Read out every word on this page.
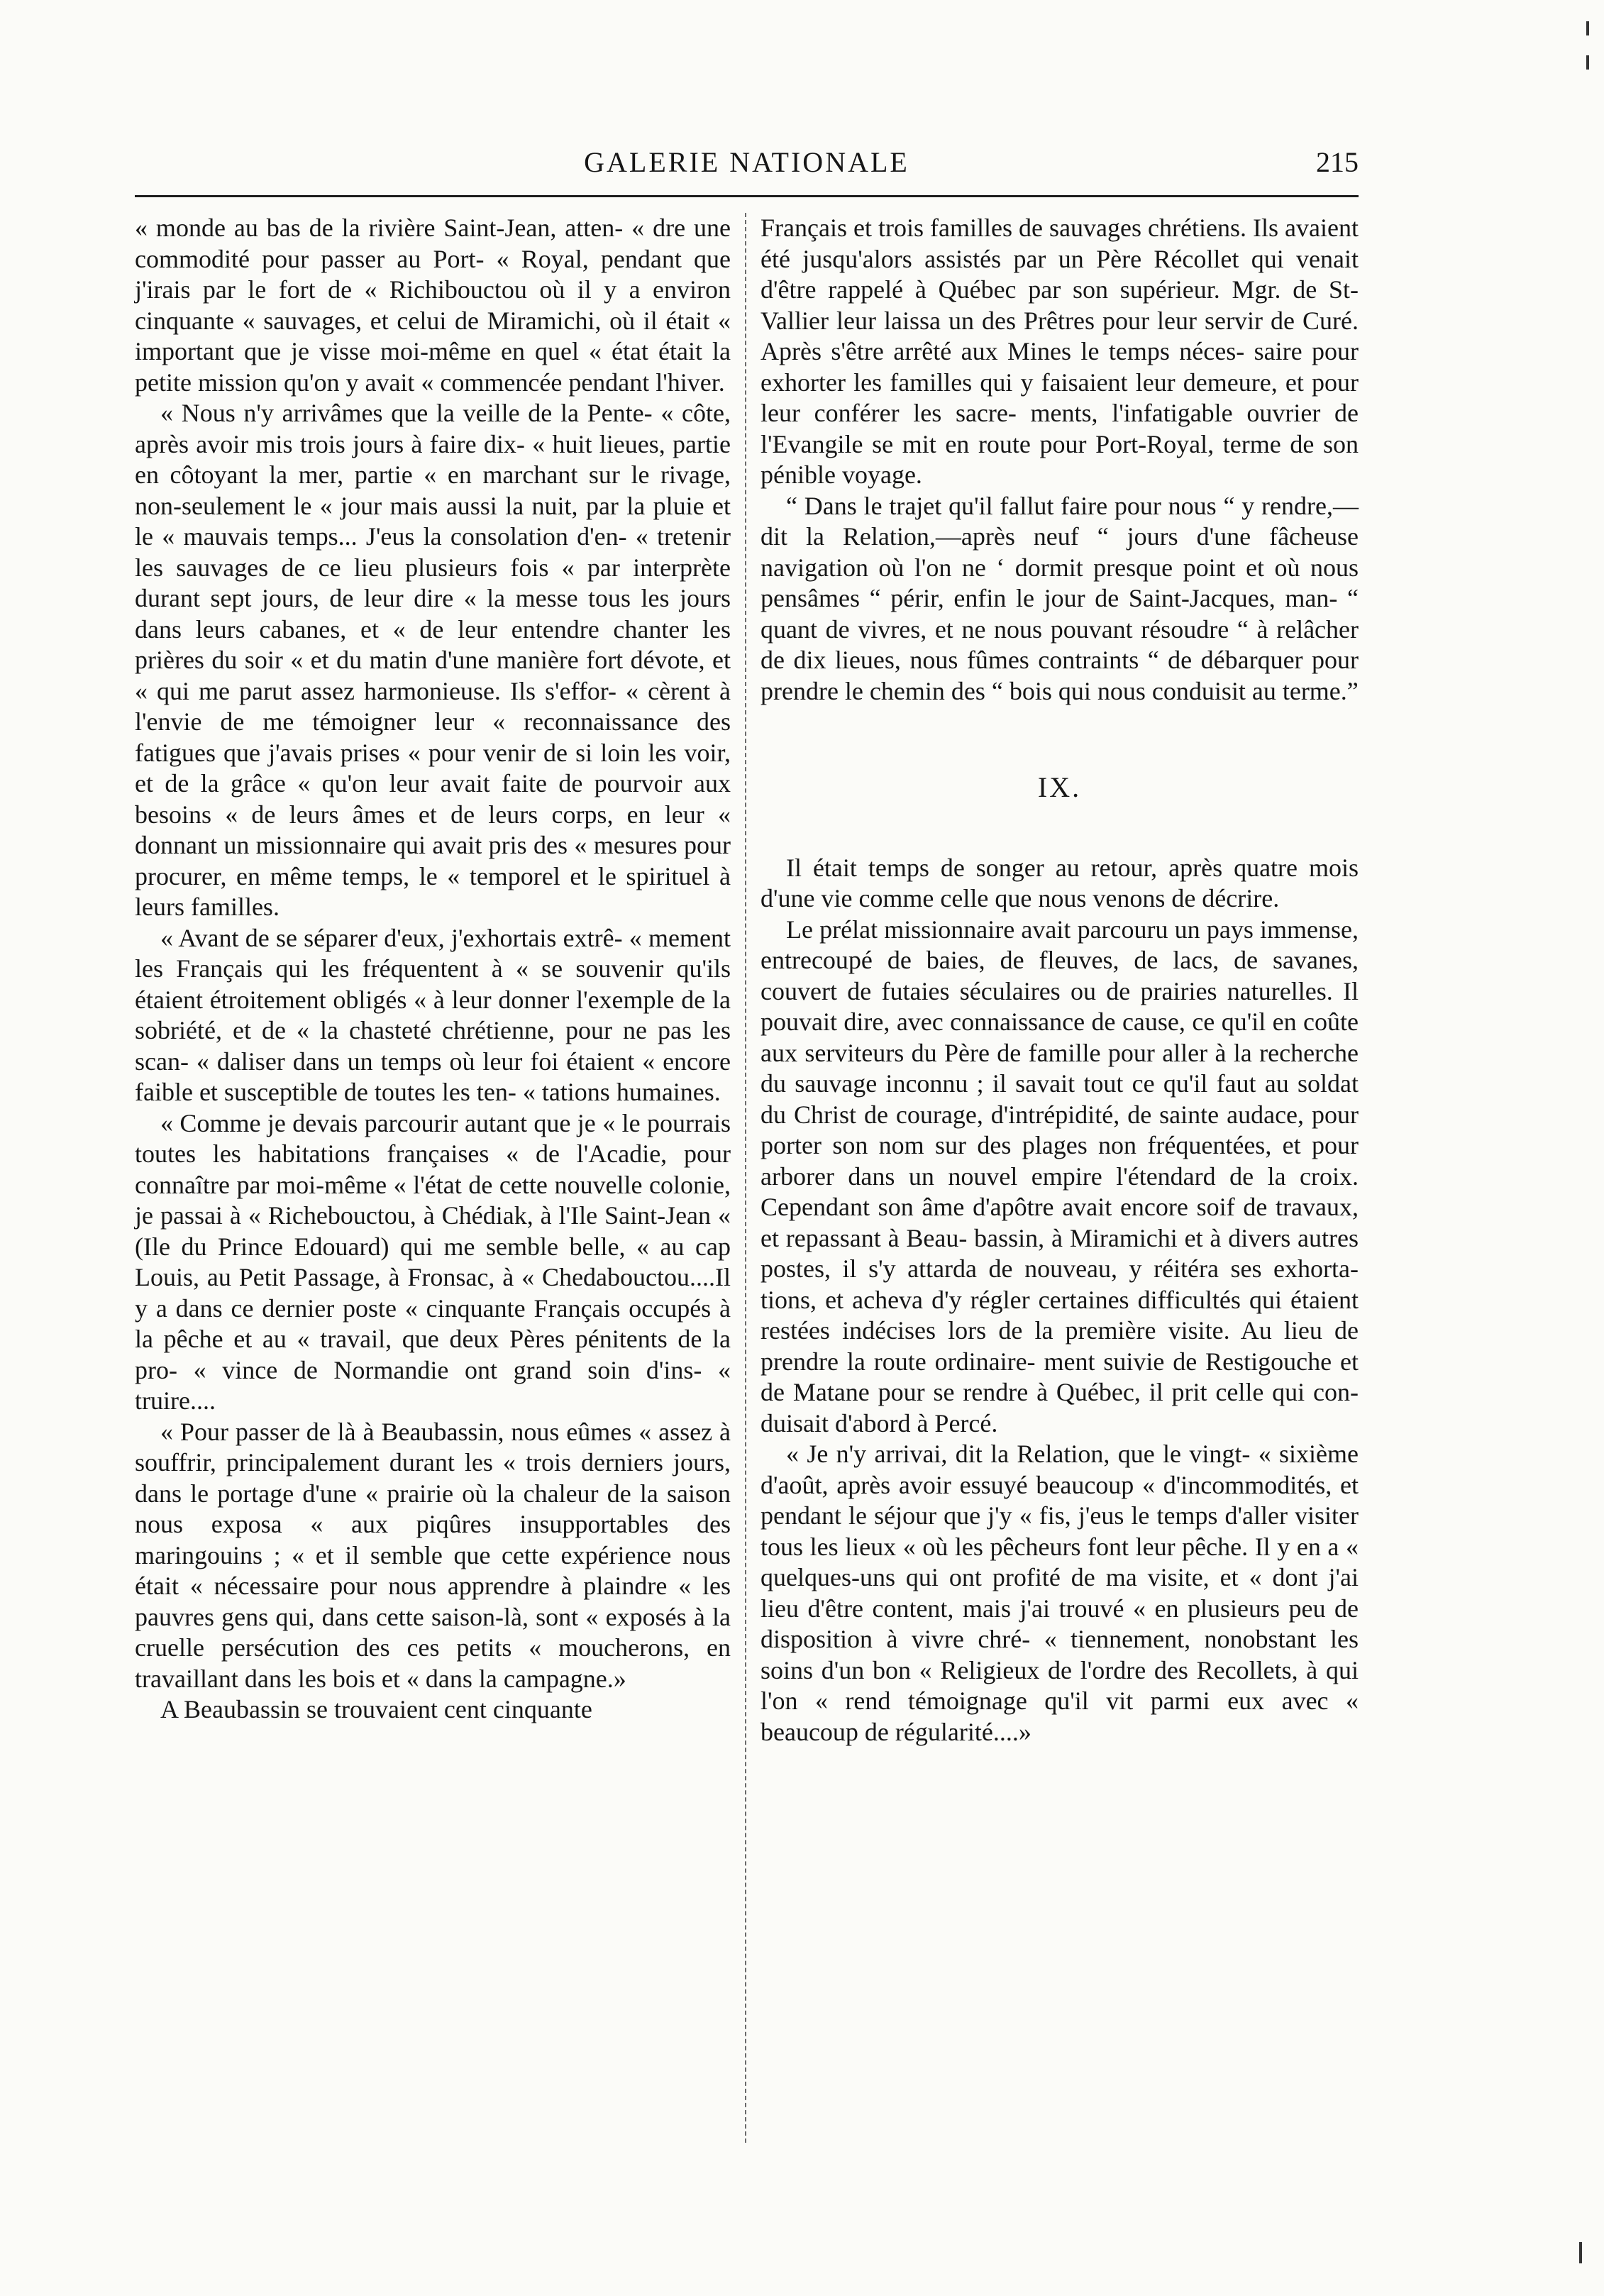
GALERIE NATIONALE	215

« monde au bas de la rivière Saint-Jean, atten- « dre une commodité pour passer au Port- « Royal, pendant que j'irais par le fort de « Richibouctou où il y a environ cinquante « sauvages, et celui de Miramichi, où il était « important que je visse moi-même en quel « état était la petite mission qu'on y avait « commencée pendant l'hiver.

« Nous n'y arrivâmes que la veille de la Pente- « côte, après avoir mis trois jours à faire dix- « huit lieues, partie en côtoyant la mer, partie « en marchant sur le rivage, non-seulement le « jour mais aussi la nuit, par la pluie et le « mauvais temps... J'eus la consolation d'en- « tretenir les sauvages de ce lieu plusieurs fois « par interprète durant sept jours, de leur dire « la messe tous les jours dans leurs cabanes, et « de leur entendre chanter les prières du soir « et du matin d'une manière fort dévote, et « qui me parut assez harmonieuse. Ils s'effor- « cèrent à l'envie de me témoigner leur « reconnaissance des fatigues que j'avais prises « pour venir de si loin les voir, et de la grâce « qu'on leur avait faite de pourvoir aux besoins « de leurs âmes et de leurs corps, en leur « donnant un missionnaire qui avait pris des « mesures pour procurer, en même temps, le « temporel et le spirituel à leurs familles.

« Avant de se séparer d'eux, j'exhortais extrê- « mement les Français qui les fréquentent à « se souvenir qu'ils étaient étroitement obligés « à leur donner l'exemple de la sobriété, et de « la chasteté chrétienne, pour ne pas les scan- « daliser dans un temps où leur foi étaient « encore faible et susceptible de toutes les ten- « tations humaines.

« Comme je devais parcourir autant que je « le pourrais toutes les habitations françaises « de l'Acadie, pour connaître par moi-même « l'état de cette nouvelle colonie, je passai à « Richebouctou, à Chédiak, à l'Ile Saint-Jean « (Ile du Prince Edouard) qui me semble belle, « au cap Louis, au Petit Passage, à Fronsac, à « Chedabouctou....Il y a dans ce dernier poste « cinquante Français occupés à la pêche et au « travail, que deux Pères pénitents de la pro- « vince de Normandie ont grand soin d'ins- « truire....

« Pour passer de là à Beaubassin, nous eûmes « assez à souffrir, principalement durant les « trois derniers jours, dans le portage d'une « prairie où la chaleur de la saison nous exposa « aux piqûres insupportables des maringouins ; « et il semble que cette expérience nous était « nécessaire pour nous apprendre à plaindre « les pauvres gens qui, dans cette saison-là, sont « exposés à la cruelle persécution des ces petits « moucherons, en travaillant dans les bois et « dans la campagne.»

A Beaubassin se trouvaient cent cinquante

Français et trois familles de sauvages chrétiens. Ils avaient été jusqu'alors assistés par un Père Récollet qui venait d'être rappelé à Québec par son supérieur. Mgr. de St-Vallier leur laissa un des Prêtres pour leur servir de Curé. Après s'être arrêté aux Mines le temps néces- saire pour exhorter les familles qui y faisaient leur demeure, et pour leur conférer les sacre- ments, l'infatigable ouvrier de l'Evangile se mit en route pour Port-Royal, terme de son pénible voyage.

“ Dans le trajet qu'il fallut faire pour nous “ y rendre,—dit la Relation,—après neuf “ jours d'une fâcheuse navigation où l'on ne ‘ dormit presque point et où nous pensâmes “ périr, enfin le jour de Saint-Jacques, man- “ quant de vivres, et ne nous pouvant résoudre “ à relâcher de dix lieues, nous fûmes contraints “ de débarquer pour prendre le chemin des “ bois qui nous conduisit au terme.”

IX.

Il était temps de songer au retour, après quatre mois d'une vie comme celle que nous venons de décrire.

Le prélat missionnaire avait parcouru un pays immense, entrecoupé de baies, de fleuves, de lacs, de savanes, couvert de futaies séculaires ou de prairies naturelles. Il pouvait dire, avec connaissance de cause, ce qu'il en coûte aux serviteurs du Père de famille pour aller à la recherche du sauvage inconnu ; il savait tout ce qu'il faut au soldat du Christ de courage, d'intrépidité, de sainte audace, pour porter son nom sur des plages non fréquentées, et pour arborer dans un nouvel empire l'étendard de la croix. Cependant son âme d'apôtre avait encore soif de travaux, et repassant à Beau- bassin, à Miramichi et à divers autres postes, il s'y attarda de nouveau, y réitéra ses exhorta- tions, et acheva d'y régler certaines difficultés qui étaient restées indécises lors de la première visite. Au lieu de prendre la route ordinaire- ment suivie de Restigouche et de Matane pour se rendre à Québec, il prit celle qui con- duisait d'abord à Percé.

« Je n'y arrivai, dit la Relation, que le vingt- « sixième d'août, après avoir essuyé beaucoup « d'incommodités, et pendant le séjour que j'y « fis, j'eus le temps d'aller visiter tous les lieux « où les pêcheurs font leur pêche. Il y en a « quelques-uns qui ont profité de ma visite, et « dont j'ai lieu d'être content, mais j'ai trouvé « en plusieurs peu de disposition à vivre chré- « tiennement, nonobstant les soins d'un bon « Religieux de l'ordre des Recollets, à qui l'on « rend témoignage qu'il vit parmi eux avec « beaucoup de régularité....»
